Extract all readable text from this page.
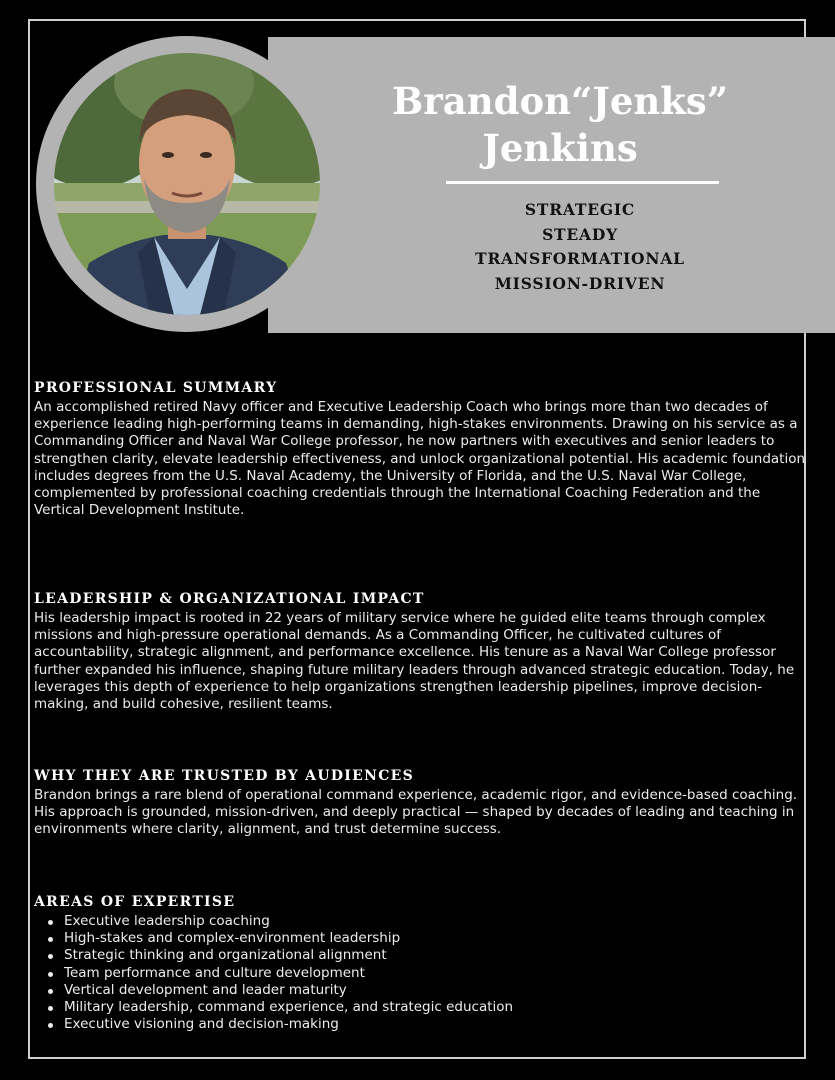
Brandon“Jenks”
Jenkins
STRATEGIC
STEADY
TRANSFORMATIONAL
MISSION-DRIVEN
PROFESSIONAL SUMMARY

An accomplished retired Navy officer and Executive Leadership Coach who brings more than two decades of experience leading high-performing teams in demanding, high-stakes environments. Drawing on his service as a Commanding Officer and Naval War College professor, he now partners with executives and senior leaders to strengthen clarity, elevate leadership effectiveness, and unlock organizational potential. His academic foundation includes degrees from the U.S. Naval Academy, the University of Florida, and the U.S. Naval War College, complemented by professional coaching credentials through the International Coaching Federation and the Vertical Development Institute.

LEADERSHIP & ORGANIZATIONAL IMPACT

His leadership impact is rooted in 22 years of military service where he guided elite teams through complex missions and high-pressure operational demands. As a Commanding Officer, he cultivated cultures of accountability, strategic alignment, and performance excellence. His tenure as a Naval War College professor further expanded his influence, shaping future military leaders through advanced strategic education. Today, he leverages this depth of experience to help organizations strengthen leadership pipelines, improve decision-making, and build cohesive, resilient teams.

WHY THEY ARE TRUSTED BY AUDIENCES

Brandon brings a rare blend of operational command experience, academic rigor, and evidence-based coaching. His approach is grounded, mission-driven, and deeply practical — shaped by decades of leading and teaching in environments where clarity, alignment, and trust determine success.

AREAS OF EXPERTISE
Executive leadership coaching
High-stakes and complex-environment leadership
Strategic thinking and organizational alignment
Team performance and culture development
Vertical development and leader maturity
Military leadership, command experience, and strategic education
Executive visioning and decision-making
